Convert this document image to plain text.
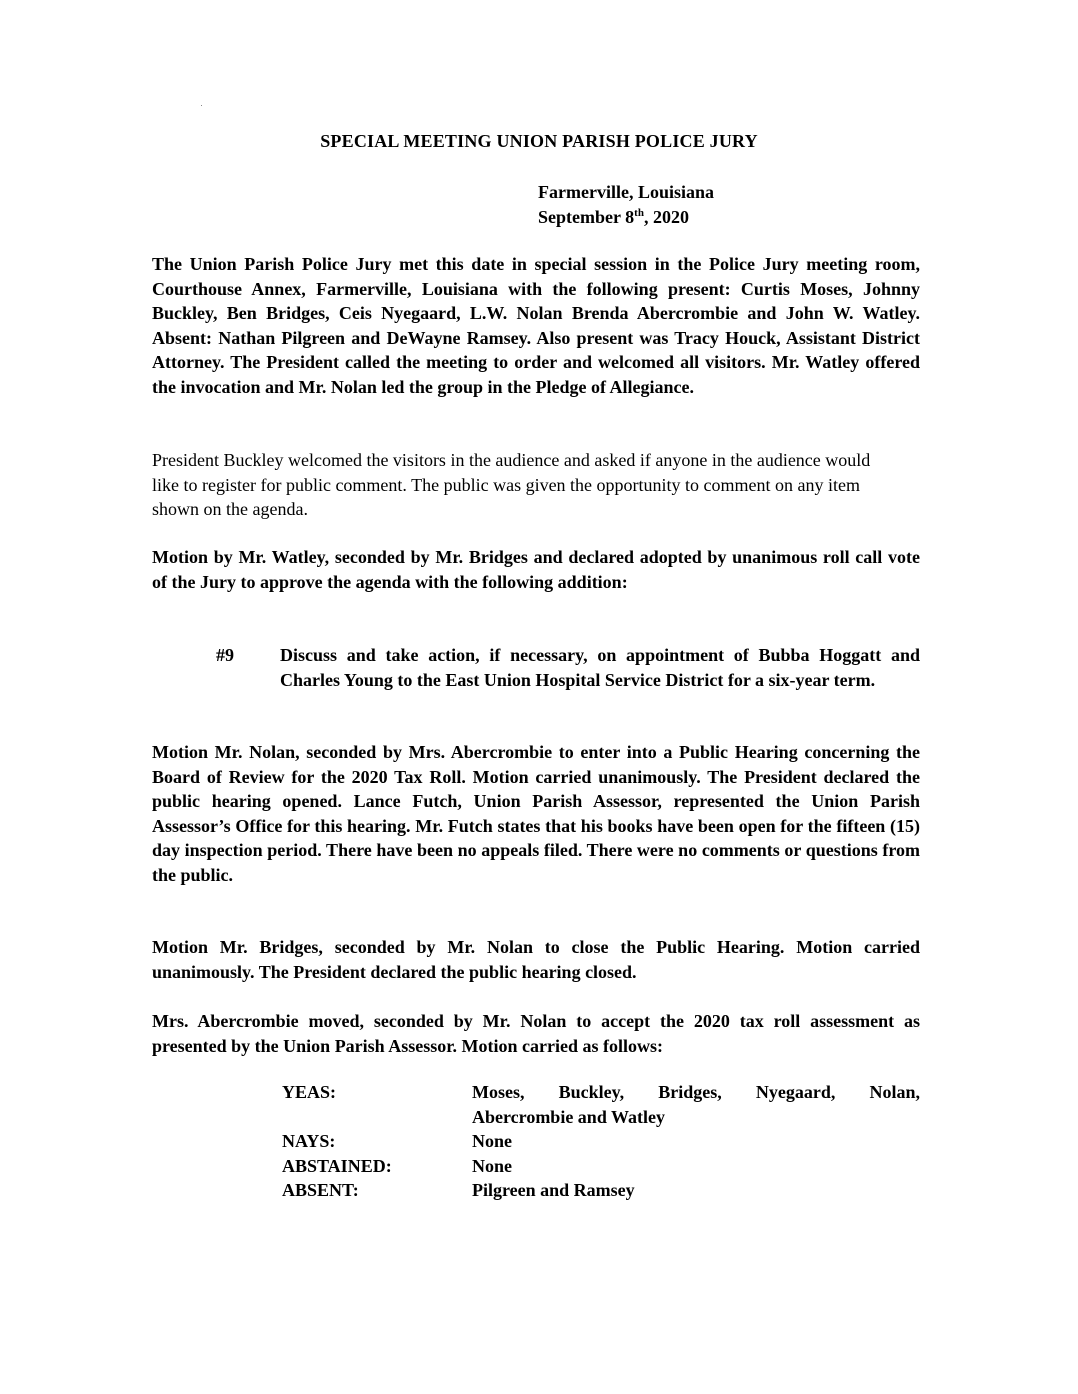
SPECIAL MEETING UNION PARISH POLICE JURY
Farmerville, Louisiana
September 8th, 2020
The Union Parish Police Jury met this date in special session in the Police Jury meeting room, Courthouse Annex, Farmerville, Louisiana with the following present: Curtis Moses, Johnny Buckley, Ben Bridges, Ceis Nyegaard, L.W. Nolan Brenda Abercrombie and John W. Watley. Absent: Nathan Pilgreen and DeWayne Ramsey. Also present was Tracy Houck, Assistant District Attorney. The President called the meeting to order and welcomed all visitors. Mr. Watley offered the invocation and Mr. Nolan led the group in the Pledge of Allegiance.
President Buckley welcomed the visitors in the audience and asked if anyone in the audience would like to register for public comment. The public was given the opportunity to comment on any item shown on the agenda.
Motion by Mr. Watley, seconded by Mr. Bridges and declared adopted by unanimous roll call vote of the Jury to approve the agenda with the following addition:
#9	Discuss and take action, if necessary, on appointment of Bubba Hoggatt and Charles Young to the East Union Hospital Service District for a six-year term.
Motion Mr. Nolan, seconded by Mrs. Abercrombie to enter into a Public Hearing concerning the Board of Review for the 2020 Tax Roll. Motion carried unanimously. The President declared the public hearing opened. Lance Futch, Union Parish Assessor, represented the Union Parish Assessor’s Office for this hearing. Mr. Futch states that his books have been open for the fifteen (15) day inspection period. There have been no appeals filed. There were no comments or questions from the public.
Motion Mr. Bridges, seconded by Mr. Nolan to close the Public Hearing. Motion carried unanimously. The President declared the public hearing closed.
Mrs. Abercrombie moved, seconded by Mr. Nolan to accept the 2020 tax roll assessment as presented by the Union Parish Assessor. Motion carried as follows:
YEAS:	Moses, Buckley, Bridges, Nyegaard, Nolan,
Abercrombie and Watley
NAYS:	None
ABSTAINED:	None
ABSENT:	Pilgreen and Ramsey
